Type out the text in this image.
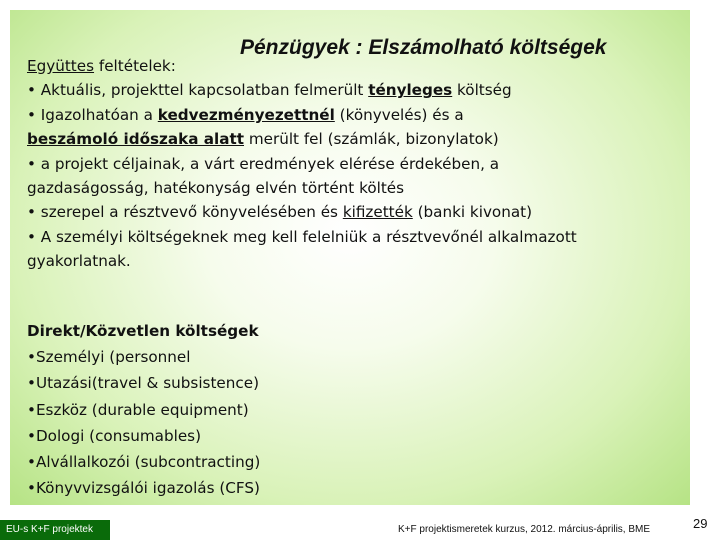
Pénzügyek : Elszámolható költségek
Együttes feltételek:
• Aktuális, projekttel kapcsolatban felmerült tényleges költség
• Igazolhatóan a kedvezményezettnél (könyvelés) és a
beszámoló időszaka alatt merült fel (számlák, bizonylatok)
• a projekt céljainak, a várt eredmények elérése érdekében, a
gazdaságosság, hatékonyság elvén történt költés
• szerepel a résztvevő könyvelésében és kifizették (banki kivonat)
• A személyi költségeknek meg kell felelniük a résztvevőnél alkalmazott
gyakorlatnak.
Direkt/Közvetlen költségek
•Személyi (personnel
•Utazási(travel & subsistence)
•Eszköz (durable equipment)
•Dologi (consumables)
•Alvállalkozói (subcontracting)
•Könyvvizsgálói igazolás (CFS)
EU-s K+F projektek	K+F projektismeretek kurzus, 2012. március-április, BME	29
